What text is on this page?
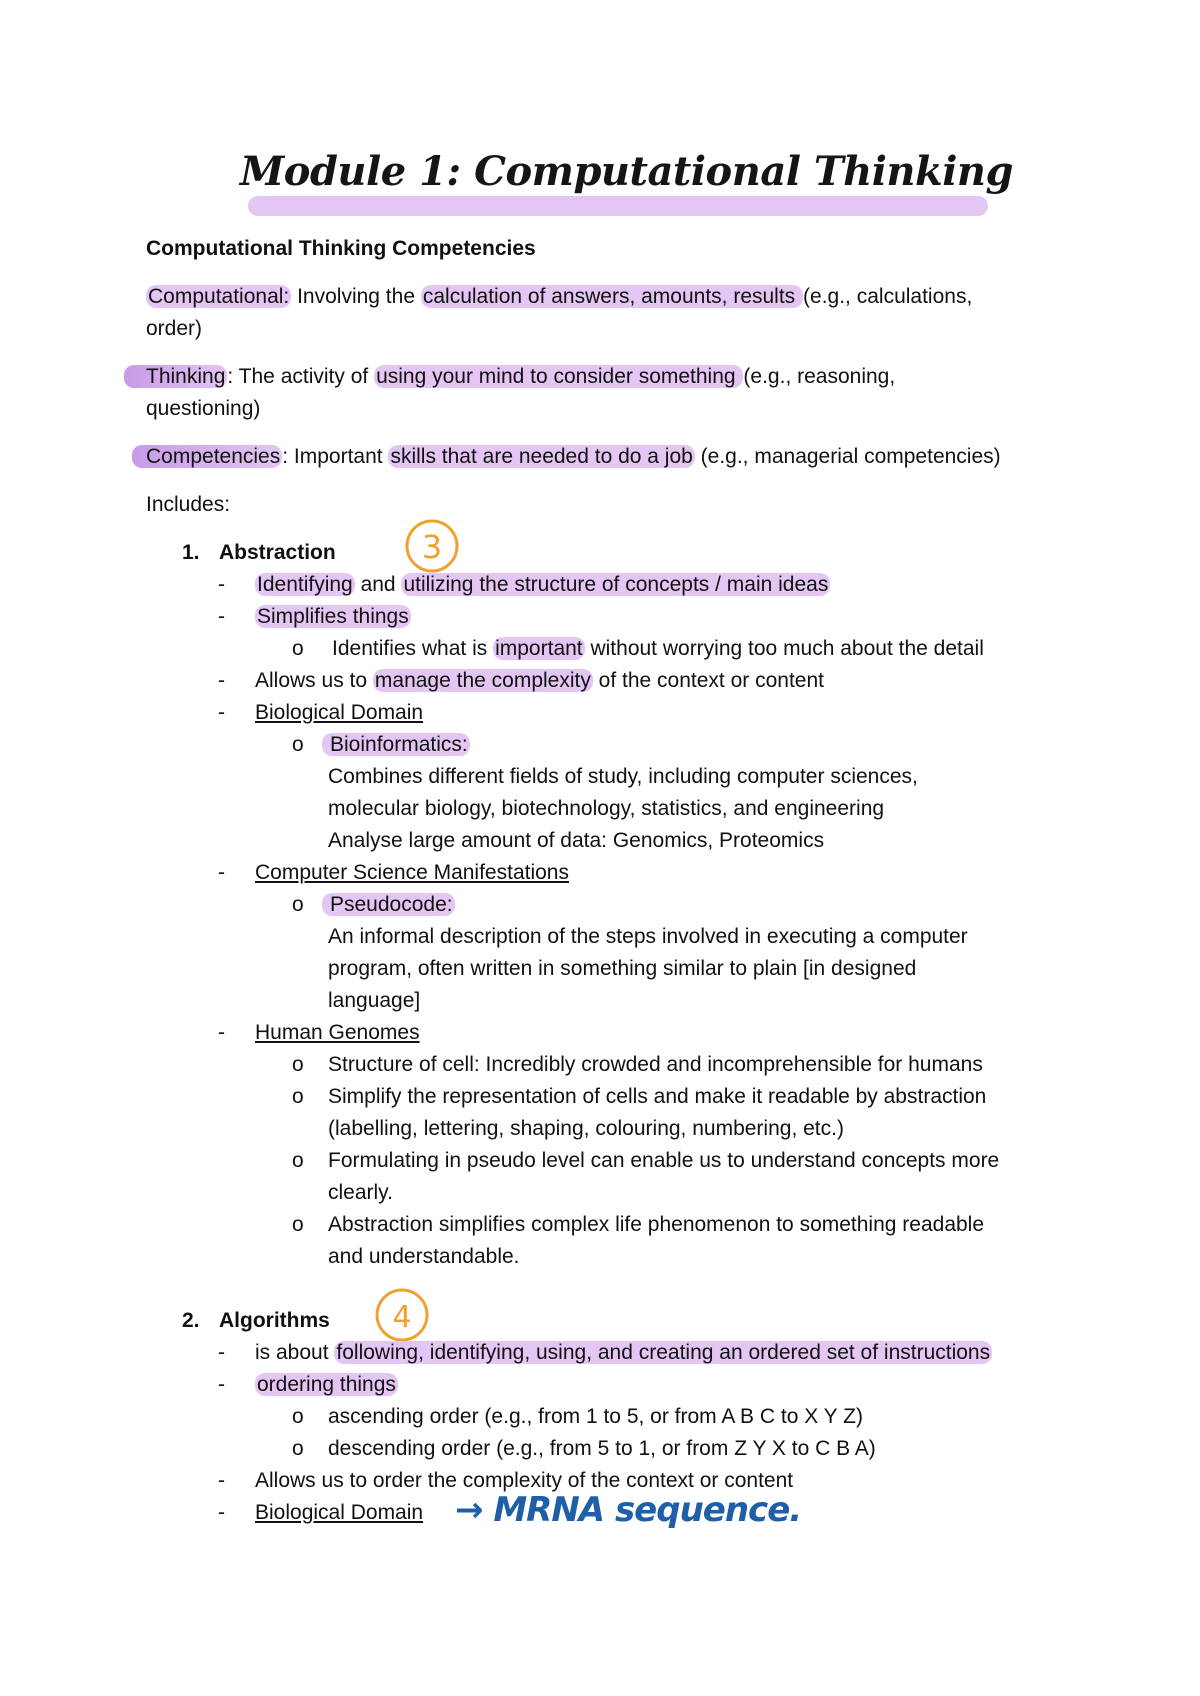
Module 1: Computational Thinking
Computational Thinking Competencies
Computational: Involving the calculation of answers, amounts, results (e.g., calculations,
order)
Thinking: The activity of using your mind to consider something (e.g., reasoning,
questioning)
Competencies: Important skills that are needed to do a job (e.g., managerial competencies)
Includes:
1. Abstraction	3
- Identifying and utilizing the structure of concepts / main ideas
- Simplifies things
o Identifies what is important without worrying too much about the detail
- Allows us to manage the complexity of the context or content
- Biological Domain
o	Bioinformatics:
Combines different fields of study, including computer sciences,
molecular biology, biotechnology, statistics, and engineering
Analyse large amount of data: Genomics, Proteomics
- Computer Science Manifestations
o	Pseudocode:
An informal description of the steps involved in executing a computer
program, often written in something similar to plain [in designed
language]
- Human Genomes
o Structure of cell: Incredibly crowded and incomprehensible for humans
o Simplify the representation of cells and make it readable by abstraction
(labelling, lettering, shaping, colouring, numbering, etc.)
o Formulating in pseudo level can enable us to understand concepts more
clearly.
o Abstraction simplifies complex life phenomenon to something readable
and understandable.
2. Algorithms 4
- is about following, identifying, using, and creating an ordered set of instructions
- ordering things
o ascending order (e.g., from 1 to 5, or from A B C to X Y Z)
o descending order (e.g., from 5 to 1, or from Z Y X to C B A)
- Allows us to order the complexity of the context or content
- Biological Domain → MRNA sequence.
